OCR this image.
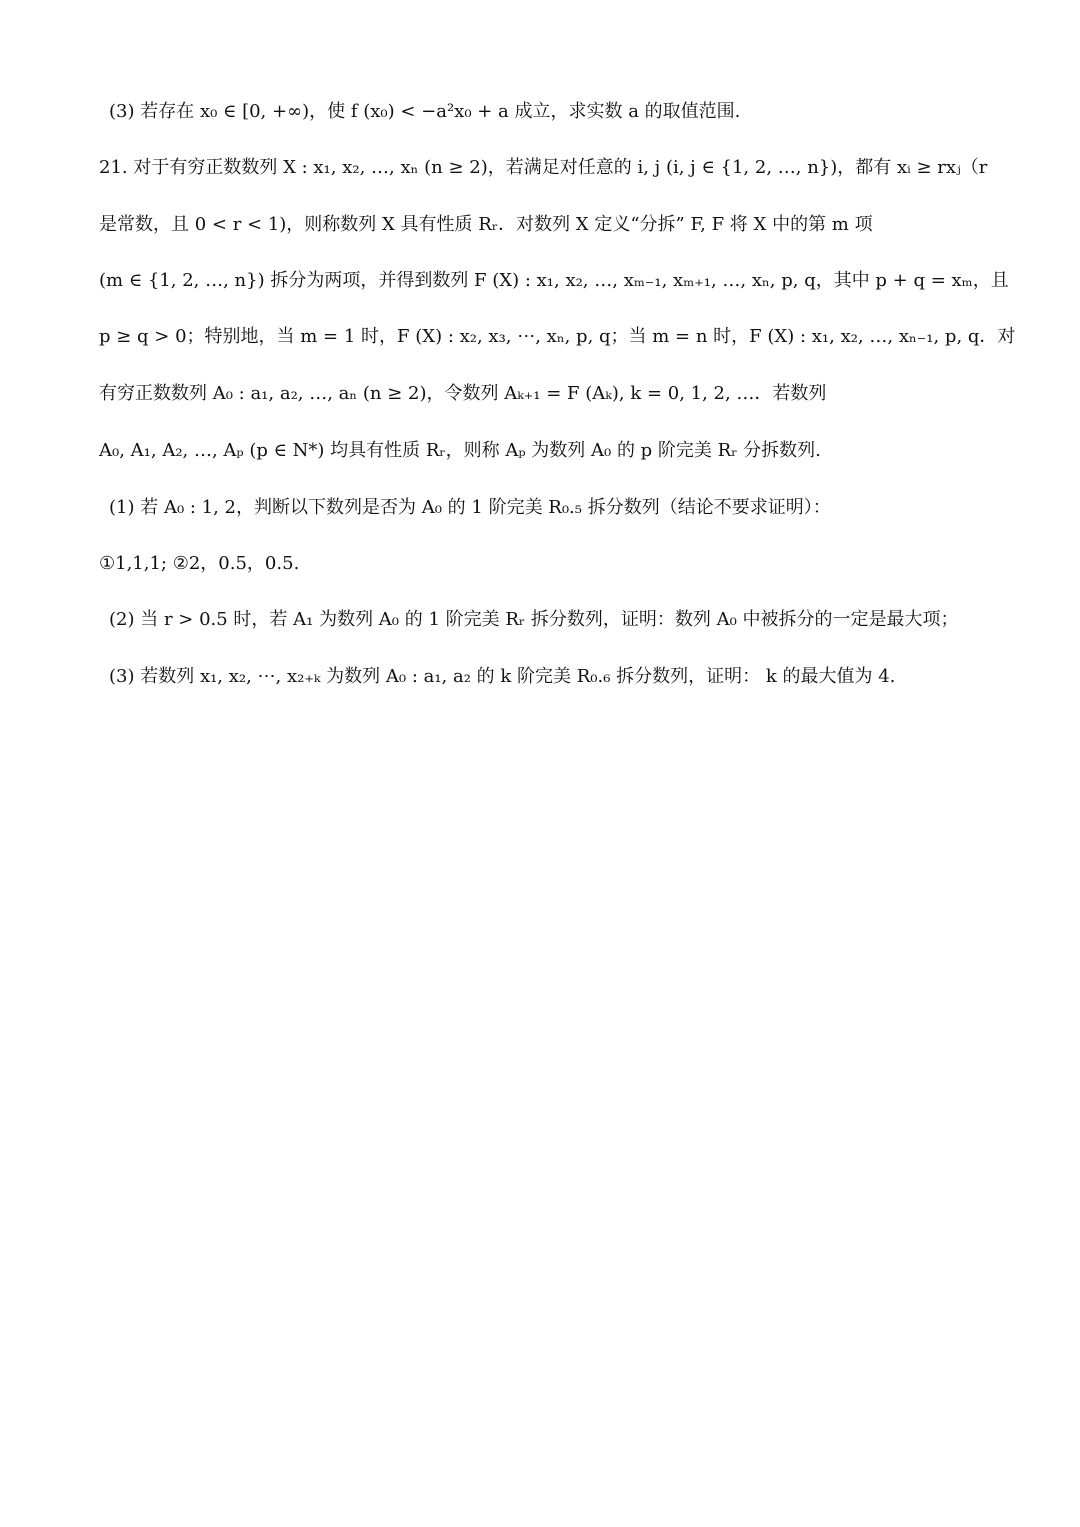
(3) 若存在 x₀ ∈ [0, +∞)，使 f (x₀) < −a²x₀ + a 成立，求实数 a 的取值范围.
21. 对于有穷正数数列 X : x₁, x₂, …, xₙ (n ≥ 2)，若满足对任意的 i, j (i, j ∈ {1, 2, …, n})，都有 xᵢ ≥ rxⱼ（r
是常数，且 0 < r < 1)，则称数列 X 具有性质 Rᵣ．对数列 X 定义“分拆” F, F 将 X 中的第 m 项
(m ∈ {1, 2, …, n}) 拆分为两项，并得到数列 F (X) : x₁, x₂, …, xₘ₋₁, xₘ₊₁, …, xₙ, p, q，其中 p + q = xₘ，且
p ≥ q > 0；特别地，当 m = 1 时，F (X) : x₂, x₃, ⋯, xₙ, p, q；当 m = n 时，F (X) : x₁, x₂, …, xₙ₋₁, p, q．对
有穷正数数列 A₀ : a₁, a₂, …, aₙ (n ≥ 2)，令数列 Aₖ₊₁ = F (Aₖ), k = 0, 1, 2, …．若数列
A₀, A₁, A₂, …, Aₚ (p ∈ N*) 均具有性质 Rᵣ，则称 Aₚ 为数列 A₀ 的 p 阶完美 Rᵣ 分拆数列.
(1) 若 A₀ : 1, 2，判断以下数列是否为 A₀ 的 1 阶完美 R₀.₅ 拆分数列（结论不要求证明）：
①1,1,1; ②2，0.5，0.5.
(2) 当 r > 0.5 时，若 A₁ 为数列 A₀ 的 1 阶完美 Rᵣ 拆分数列，证明：数列 A₀ 中被拆分的一定是最大项；
(3) 若数列 x₁, x₂, ⋯, x₂₊ₖ 为数列 A₀ : a₁, a₂ 的 k 阶完美 R₀.₆ 拆分数列，证明： k 的最大值为 4.
